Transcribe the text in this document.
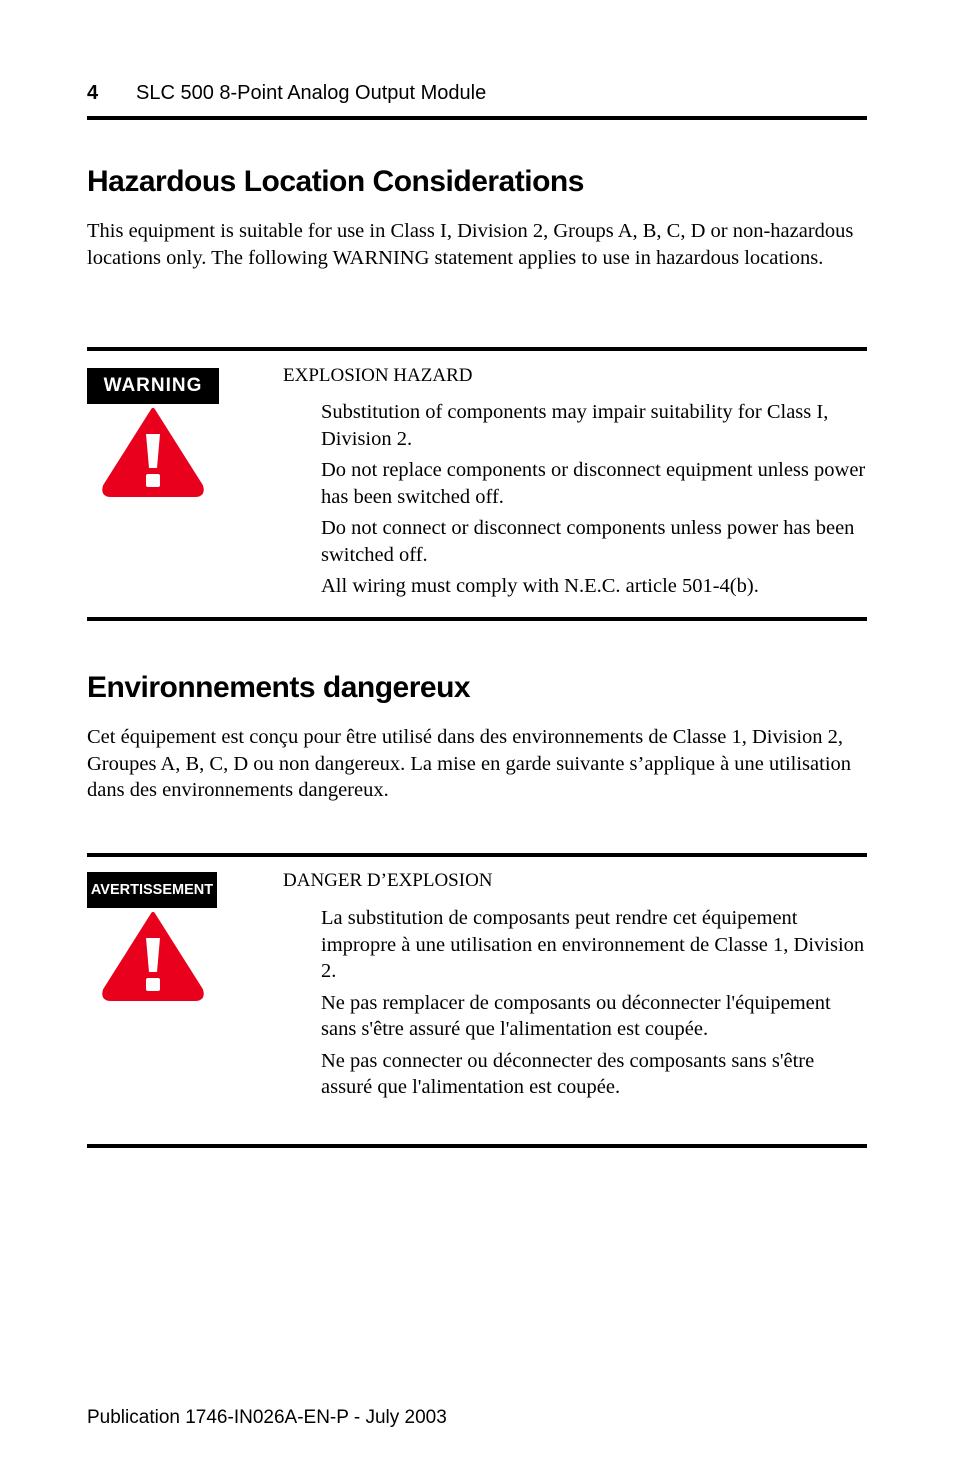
4 SLC 500 8-Point Analog Output Module
Hazardous Location Considerations
This equipment is suitable for use in Class I, Division 2, Groups A, B, C, D or non-hazardous locations only. The following WARNING statement applies to use in hazardous locations.
WARNING	EXPLOSION HAZARD

Substitution of components may impair suitability for Class I, Division 2.

Do not replace components or disconnect equipment unless power has been switched off.

Do not connect or disconnect components unless power has been switched off.

All wiring must comply with N.E.C. article 501-4(b).

Environnements dangereux
Cet équipement est conçu pour être utilisé dans des environnements de Classe 1, Division 2, Groupes A, B, C, D ou non dangereux. La mise en garde suivante s’applique à une utilisation dans des environnements dangereux.
AVERTISSEMENT	DANGER D’EXPLOSION

La substitution de composants peut rendre cet équipement impropre à une utilisation en environnement de Classe 1, Division 2.

Ne pas remplacer de composants ou déconnecter l'équipement sans s'être assuré que l'alimentation est coupée.

Ne pas connecter ou déconnecter des composants sans s'être assuré que l'alimentation est coupée.

Publication 1746-IN026A-EN-P - July 2003
